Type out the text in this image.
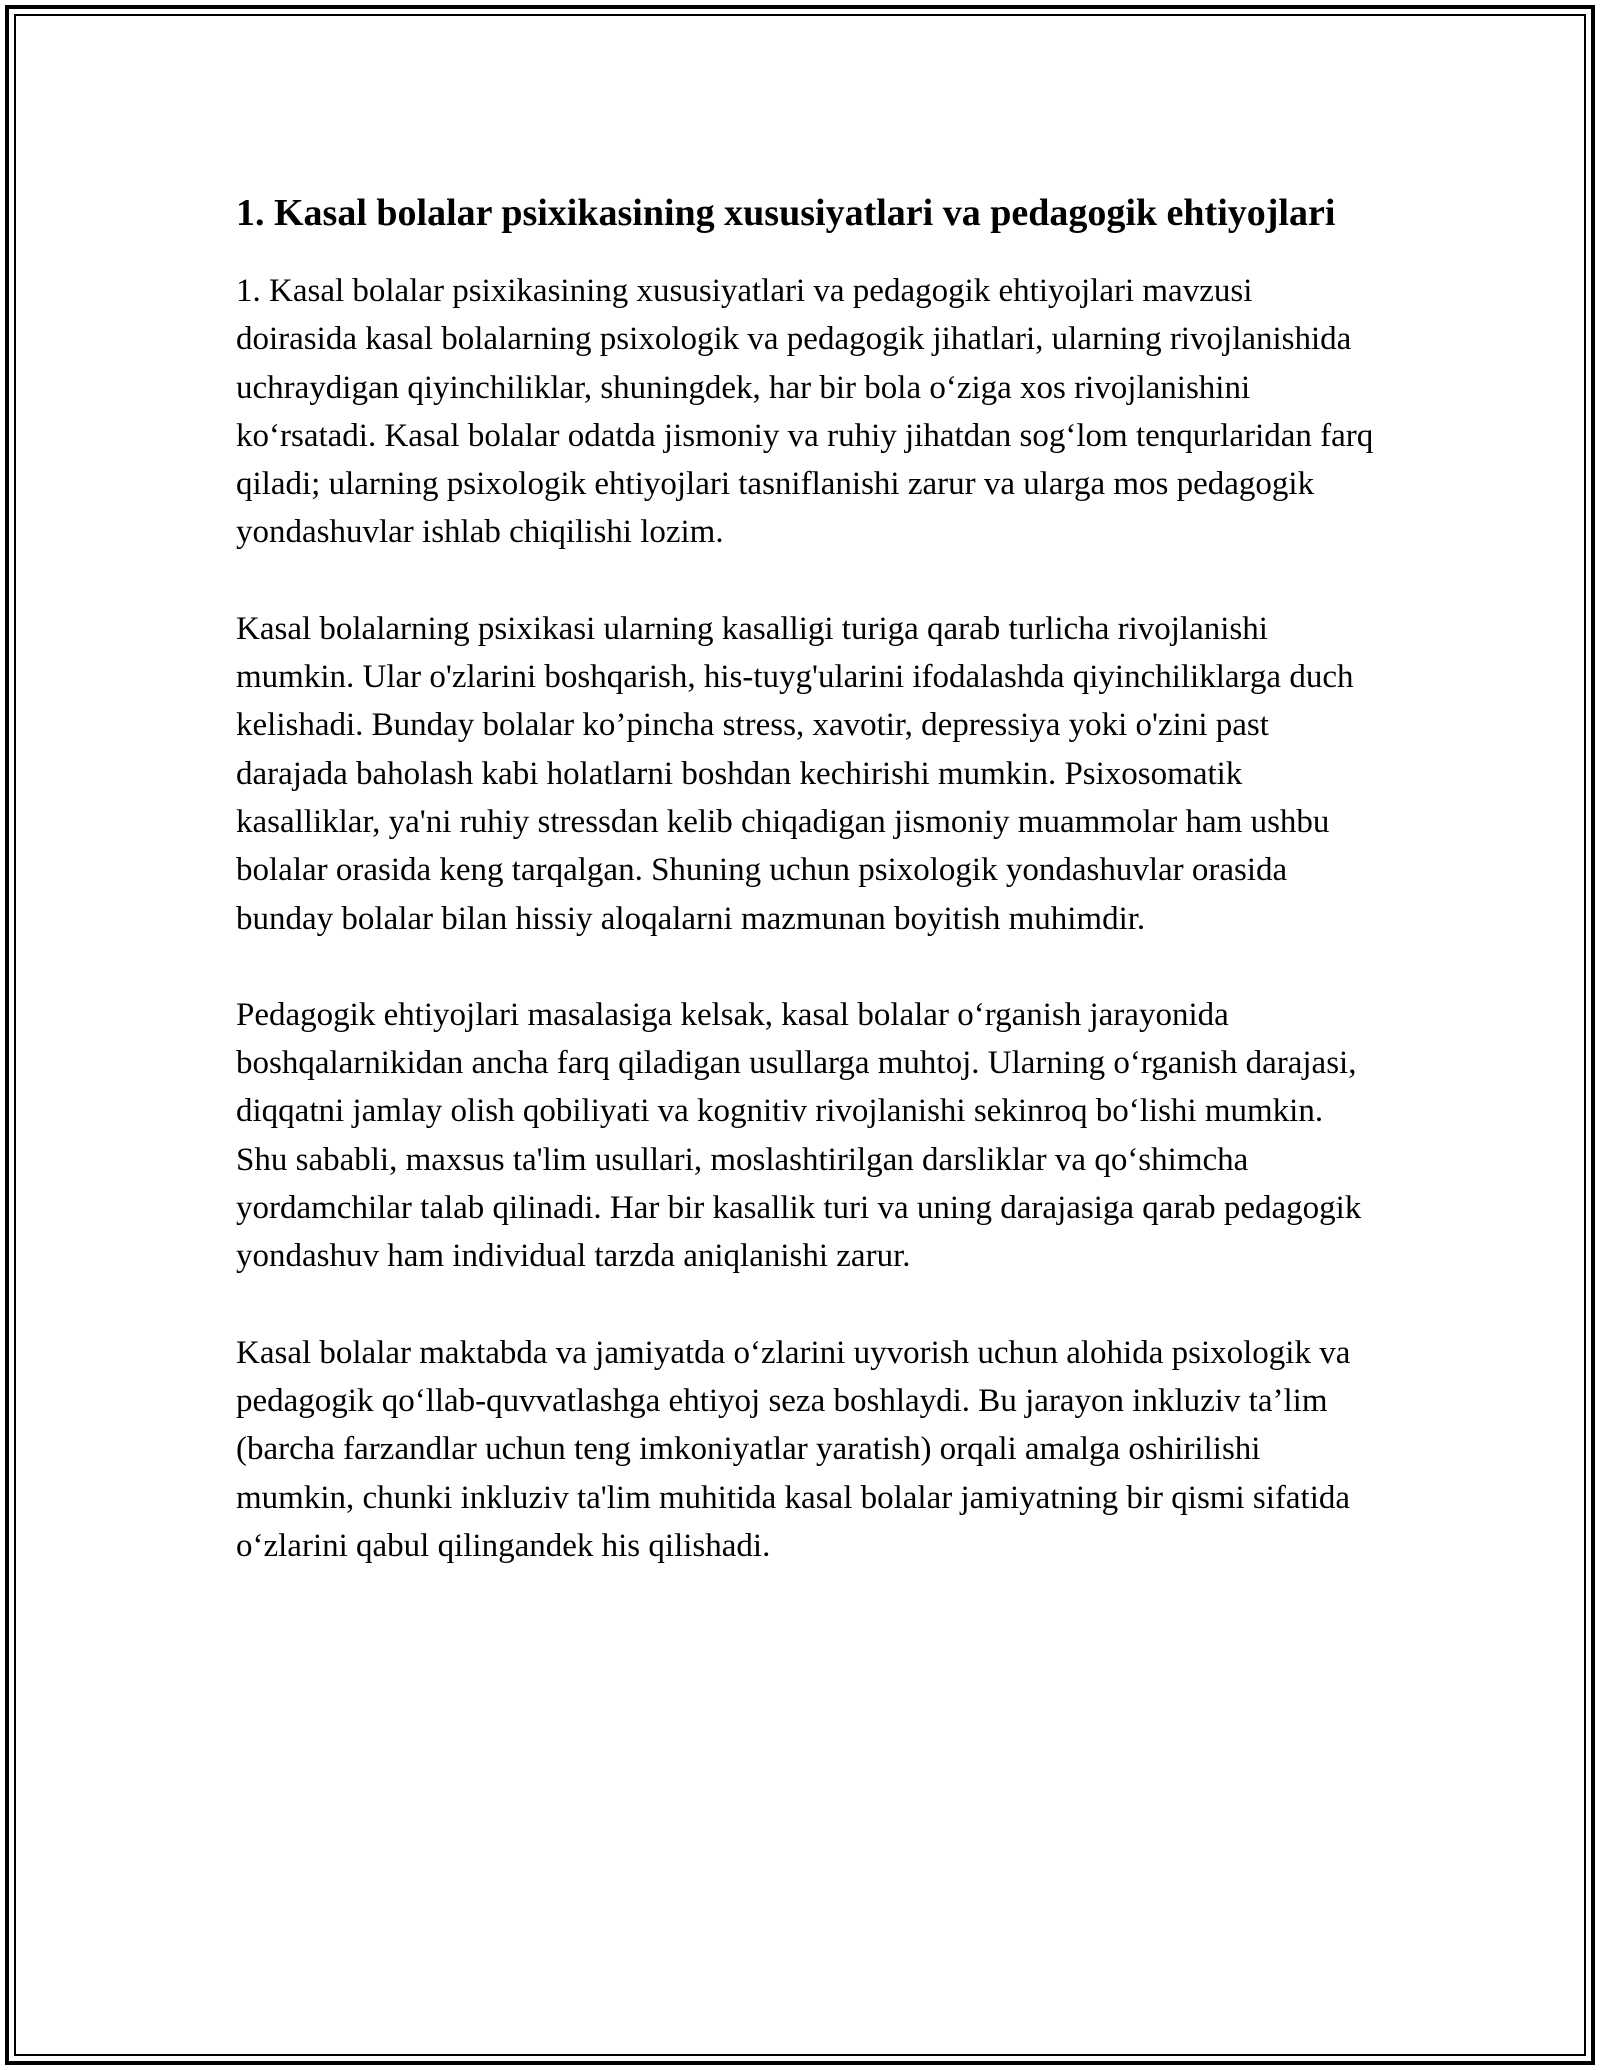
1. Kasal bolalar psixikasining xususiyatlari va pedagogik ehtiyojlari

1. Kasal bolalar psixikasining xususiyatlari va pedagogik ehtiyojlari mavzusi doirasida kasal bolalarning psixologik va pedagogik jihatlari, ularning rivojlanishida uchraydigan qiyinchiliklar, shuningdek, har bir bola o‘ziga xos rivojlanishini ko‘rsatadi. Kasal bolalar odatda jismoniy va ruhiy jihatdan sog‘lom tenqurlaridan farq qiladi; ularning psixologik ehtiyojlari tasniflanishi zarur va ularga mos pedagogik yondashuvlar ishlab chiqilishi lozim.

Kasal bolalarning psixikasi ularning kasalligi turiga qarab turlicha rivojlanishi mumkin. Ular o'zlarini boshqarish, his-tuyg'ularini ifodalashda qiyinchiliklarga duch kelishadi. Bunday bolalar ko’pincha stress, xavotir, depressiya yoki o'zini past darajada baholash kabi holatlarni boshdan kechirishi mumkin. Psixosomatik kasalliklar, ya'ni ruhiy stressdan kelib chiqadigan jismoniy muammolar ham ushbu bolalar orasida keng tarqalgan. Shuning uchun psixologik yondashuvlar orasida bunday bolalar bilan hissiy aloqalarni mazmunan boyitish muhimdir.

Pedagogik ehtiyojlari masalasiga kelsak, kasal bolalar o‘rganish jarayonida boshqalarnikidan ancha farq qiladigan usullarga muhtoj. Ularning o‘rganish darajasi, diqqatni jamlay olish qobiliyati va kognitiv rivojlanishi sekinroq bo‘lishi mumkin. Shu sababli, maxsus ta'lim usullari, moslashtirilgan darsliklar va qo‘shimcha yordamchilar talab qilinadi. Har bir kasallik turi va uning darajasiga qarab pedagogik yondashuv ham individual tarzda aniqlanishi zarur.

Kasal bolalar maktabda va jamiyatda o‘zlarini uyvorish uchun alohida psixologik va pedagogik qo‘llab-quvvatlashga ehtiyoj seza boshlaydi. Bu jarayon inkluziv ta’lim (barcha farzandlar uchun teng imkoniyatlar yaratish) orqali amalga oshirilishi mumkin, chunki inkluziv ta'lim muhitida kasal bolalar jamiyatning bir qismi sifatida o‘zlarini qabul qilingandek his qilishadi.
